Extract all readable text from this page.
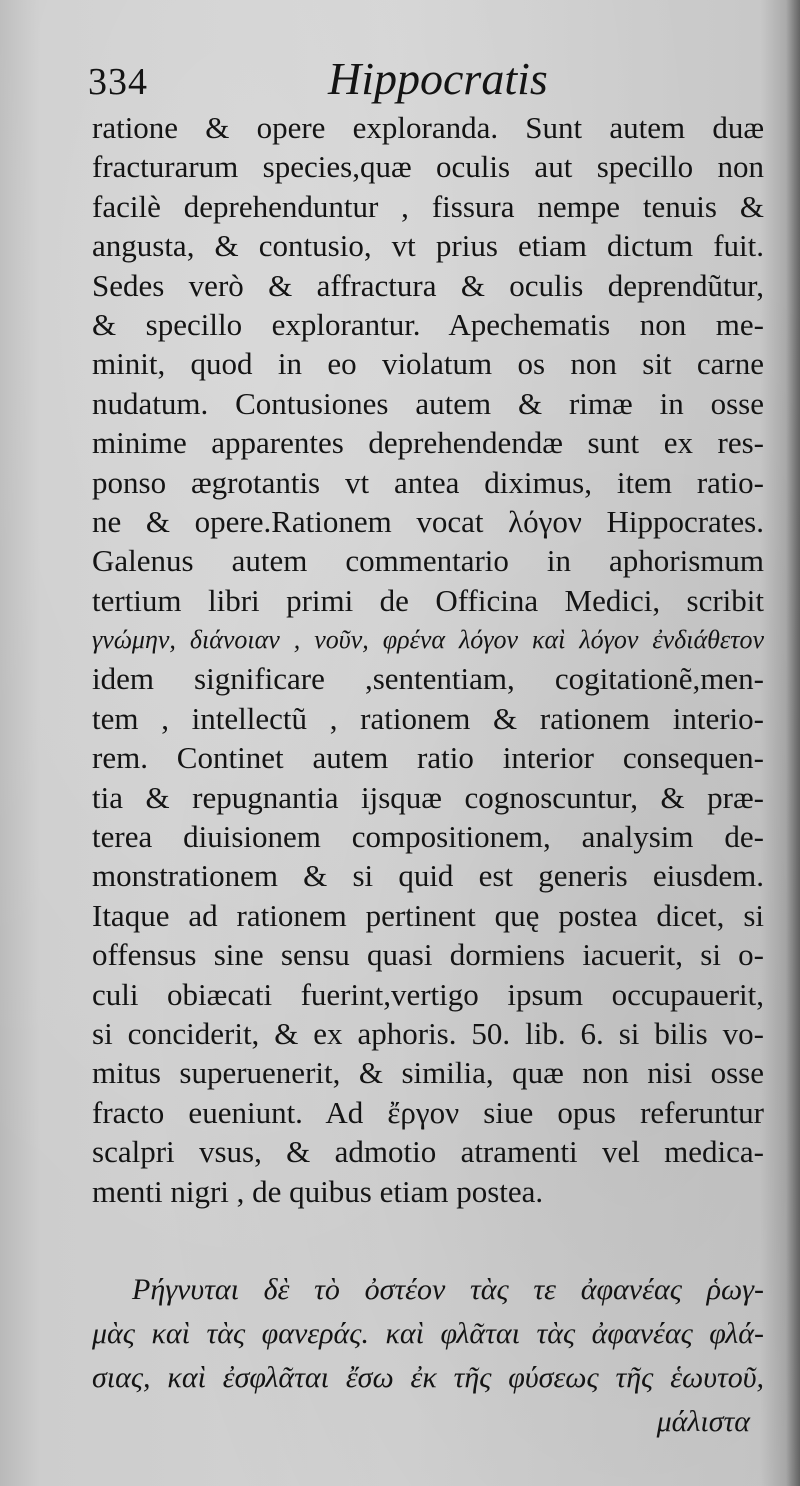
334	Hippocratis
ratione & opere exploranda. Sunt autem duæ
fracturarum species,quæ oculis aut specillo non
facilè deprehenduntur , fissura nempe tenuis &
angusta, & contusio, vt prius etiam dictum fuit.
Sedes verò & affractura & oculis deprendũtur,
& specillo explorantur. Apechematis non me-
minit, quod in eo violatum os non sit carne
nudatum. Contusiones autem & rimæ in osse
minime apparentes deprehendendæ sunt ex res-
ponso ægrotantis vt antea diximus, item ratio-
ne & opere.Rationem vocat λόγον Hippocrates.
Galenus autem commentario in aphorismum
tertium libri primi de Officina Medici, scribit
γνώμην, διάνοιαν , νοῦν, φρένα λόγον καὶ λόγον ἐνδιάθετον
idem significare ,sententiam, cogitationẽ,men-
tem , intellectũ , rationem & rationem interio-
rem. Continet autem ratio interior consequen-
tia & repugnantia ijsquæ cognoscuntur, & præ-
terea diuisionem compositionem, analysim de-
monstrationem & si quid est generis eiusdem.
Itaque ad rationem pertinent quę postea dicet, si
offensus sine sensu quasi dormiens iacuerit, si o-
culi obiæcati fuerint,vertigo ipsum occupauerit,
si conciderit, & ex aphoris. 50. lib. 6. si bilis vo-
mitus superuenerit, & similia, quæ non nisi osse
fracto eueniunt. Ad ἔργον siue opus referuntur
scalpri vsus, & admotio atramenti vel medica-
menti nigri , de quibus etiam postea.
Ρήγνυται δὲ τὸ ὀστέον τὰς τε ἀφανέας ῥωγ-
μὰς καὶ τὰς φανεράς. καὶ φλᾶται τὰς ἀφανέας φλά-
σιας, καὶ ἐσφλᾶται ἔσω ἐκ τῆς φύσεως τῆς ἑωυτοῦ,
μάλιστα
